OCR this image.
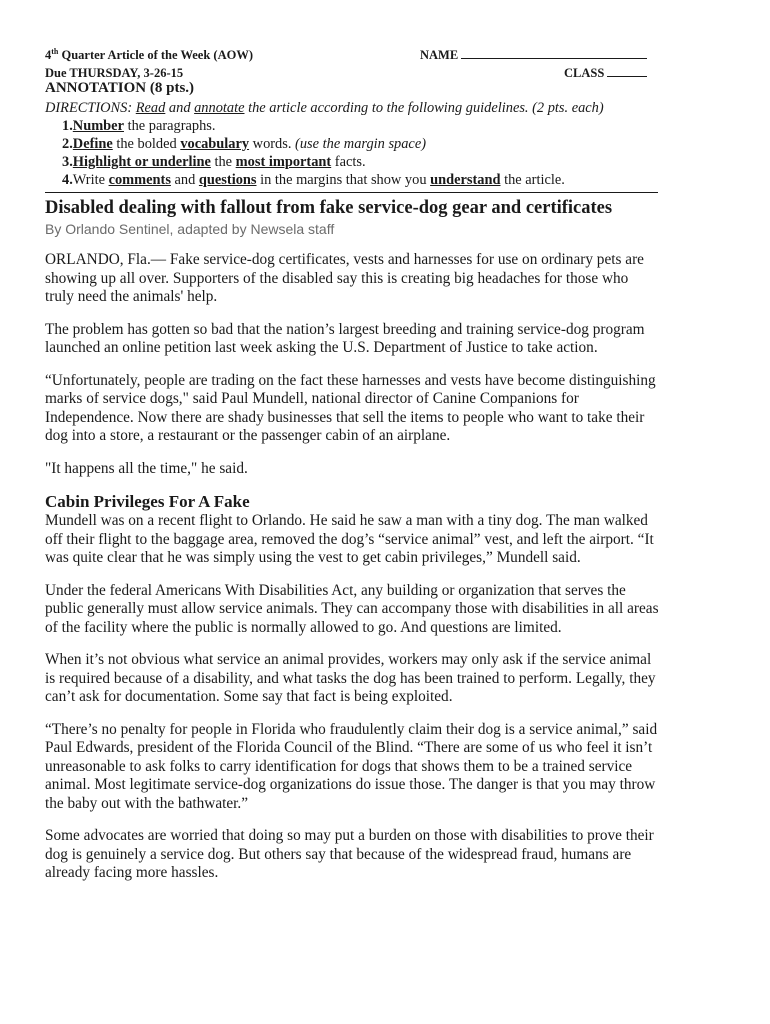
4th Quarter Article of the Week (AOW)
Due THURSDAY, 3-26-15
NAME
CLASS
ANNOTATION (8 pts.)
DIRECTIONS: Read and annotate the article according to the following guidelines. (2 pts. each)
1.Number the paragraphs.
2.Define the bolded vocabulary words. (use the margin space)
3.Highlight or underline the most important facts.
4.Write comments and questions in the margins that show you understand the article.
Disabled dealing with fallout from fake service-dog gear and certificates
By Orlando Sentinel, adapted by Newsela staff

ORLANDO, Fla.— Fake service-dog certificates, vests and harnesses for use on ordinary pets are showing up all over. Supporters of the disabled say this is creating big headaches for those who truly need the animals' help.

The problem has gotten so bad that the nation’s largest breeding and training service-dog program launched an online petition last week asking the U.S. Department of Justice to take action.

“Unfortunately, people are trading on the fact these harnesses and vests have become distinguishing marks of service dogs," said Paul Mundell, national director of Canine Companions for Independence. Now there are shady businesses that sell the items to people who want to take their dog into a store, a restaurant or the passenger cabin of an airplane.

"It happens all the time," he said.

Cabin Privileges For A Fake

Mundell was on a recent flight to Orlando. He said he saw a man with a tiny dog. The man walked off their flight to the baggage area, removed the dog’s “service animal” vest, and left the airport. “It was quite clear that he was simply using the vest to get cabin privileges,” Mundell said.

Under the federal Americans With Disabilities Act, any building or organization that serves the public generally must allow service animals. They can accompany those with disabilities in all areas of the facility where the public is normally allowed to go. And questions are limited.

When it’s not obvious what service an animal provides, workers may only ask if the service animal is required because of a disability, and what tasks the dog has been trained to perform. Legally, they can’t ask for documentation. Some say that fact is being exploited.

“There’s no penalty for people in Florida who fraudulently claim their dog is a service animal,” said Paul Edwards, president of the Florida Council of the Blind. “There are some of us who feel it isn’t unreasonable to ask folks to carry identification for dogs that shows them to be a trained service animal. Most legitimate service-dog organizations do issue those. The danger is that you may throw the baby out with the bathwater.”

Some advocates are worried that doing so may put a burden on those with disabilities to prove their dog is genuinely a service dog. But others say that because of the widespread fraud, humans are already facing more hassles.
